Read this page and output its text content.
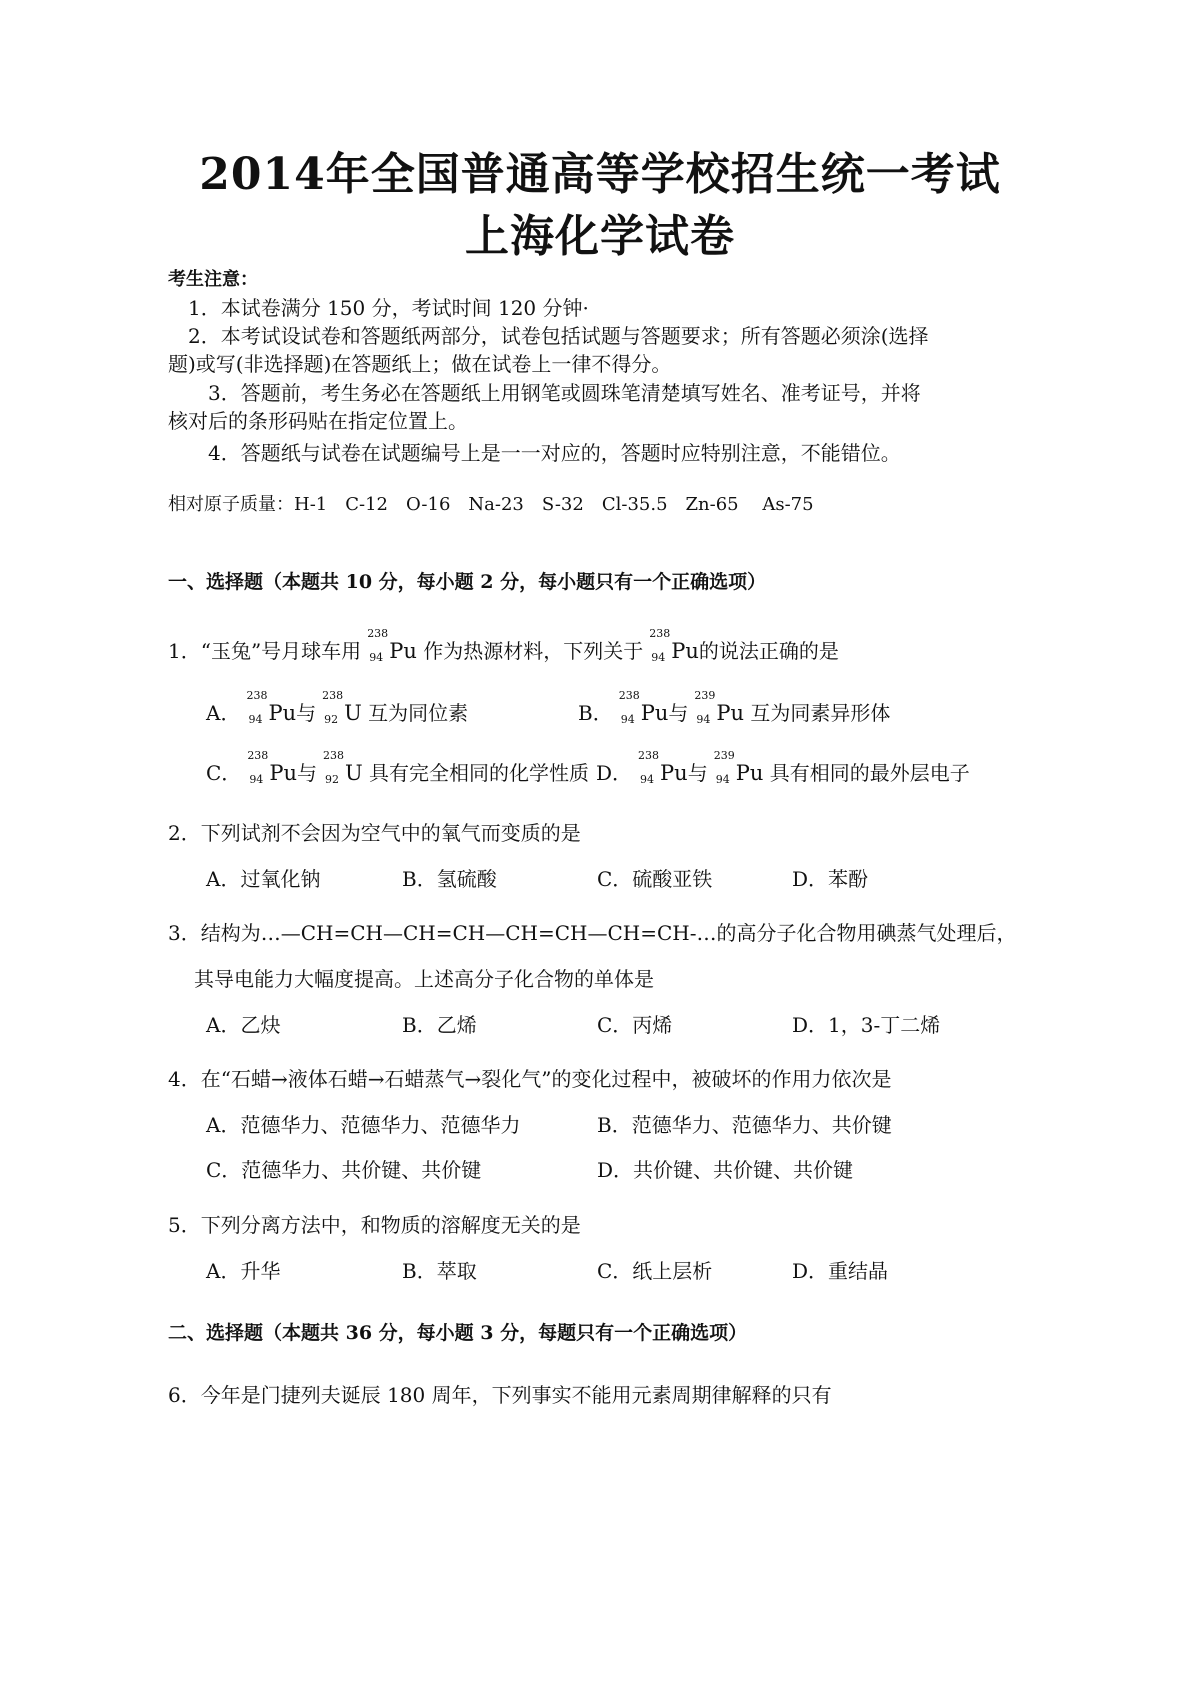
2014年全国普通高等学校招生统一考试
上海化学试卷
考生注意：
1．本试卷满分 150 分，考试时间 120 分钟·
2．本考试设试卷和答题纸两部分，试卷包括试题与答题要求；所有答题必须涂(选择
题)或写(非选择题)在答题纸上；做在试卷上一律不得分。
3．答题前，考生务必在答题纸上用钢笔或圆珠笔清楚填写姓名、准考证号，并将
核对后的条形码贴在指定位置上。
4．答题纸与试卷在试题编号上是一一对应的，答题时应特别注意，不能错位。
相对原子质量：H-1　C-12　O-16　Na-23　S-32　Cl-35.5　Zn-65　 As-75
一、选择题（本题共 10 分，每小题 2 分，每小题只有一个正确选项）
1．“玉兔”号月球车用
238
94 Pu 作为热源材料，下列关于
238
94 Pu的说法正确的是
A．
238
94 Pu与
238
92 U 互为同位素	B．
238
94 Pu与
239
94 Pu 互为同素异形体
C．
238
94 Pu与
238
92 U 具有完全相同的化学性质 D．
238
94 Pu与
239
94 Pu 具有相同的最外层电子
2．下列试剂不会因为空气中的氧气而变质的是
A．过氧化钠	B．氢硫酸	C．硫酸亚铁	D．苯酚
3．结构为…—CH=CH—CH=CH—CH=CH—CH=CH-…的高分子化合物用碘蒸气处理后，
其导电能力大幅度提高。上述高分子化合物的单体是
A．乙炔	B．乙烯	C．丙烯	D．1，3-丁二烯
4．在“石蜡→液体石蜡→石蜡蒸气→裂化气”的变化过程中，被破坏的作用力依次是
A．范德华力、范德华力、范德华力	B．范德华力、范德华力、共价键
C．范德华力、共价键、共价键	D．共价键、共价键、共价键
5．下列分离方法中，和物质的溶解度无关的是
A．升华	B．萃取	C．纸上层析	D．重结晶
二、选择题（本题共 36 分，每小题 3 分，每题只有一个正确选项）
6．今年是门捷列夫诞辰 180 周年，下列事实不能用元素周期律解释的只有
